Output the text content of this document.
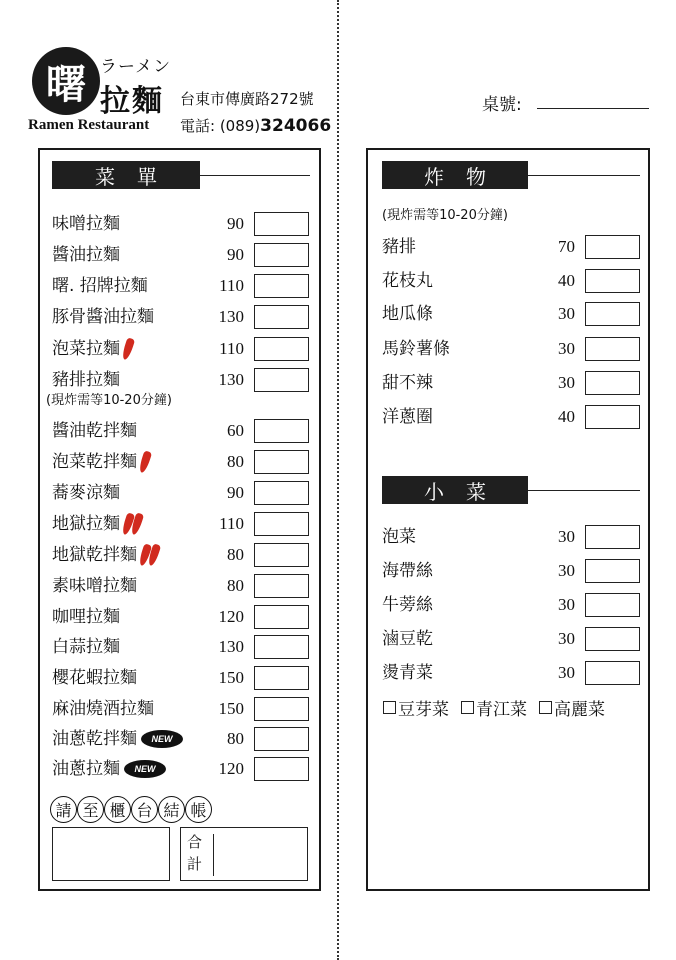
曙 ラーメン
拉麵
Ramen Restaurant
台東市傳廣路272號
電話: (089)324066
桌號:
菜單
味噌拉麵	90
醬油拉麵	90
曙. 招牌拉麵	110
豚骨醬油拉麵	130
泡菜拉麵	110
豬排拉麵	130
(現炸需等10-20分鐘)
醬油乾拌麵	60
泡菜乾拌麵	80
蕎麥涼麵	90
地獄拉麵	110
地獄乾拌麵	80
素味噌拉麵	80
咖哩拉麵	120
白蒜拉麵	130
櫻花蝦拉麵	150
麻油燒酒拉麵	150
油蔥乾拌麵	NEW	80
油蔥拉麵	NEW	120
請 至 櫃 台 結 帳
合計
炸物
(現炸需等10-20分鐘)
豬排	70
花枝丸	40
地瓜條	30
馬鈴薯條	30
甜不辣	30
洋蔥圈	40
小菜
泡菜	30
海帶絲	30
牛蒡絲	30
滷豆乾	30
燙青菜	30
豆芽菜 青江菜 高麗菜
